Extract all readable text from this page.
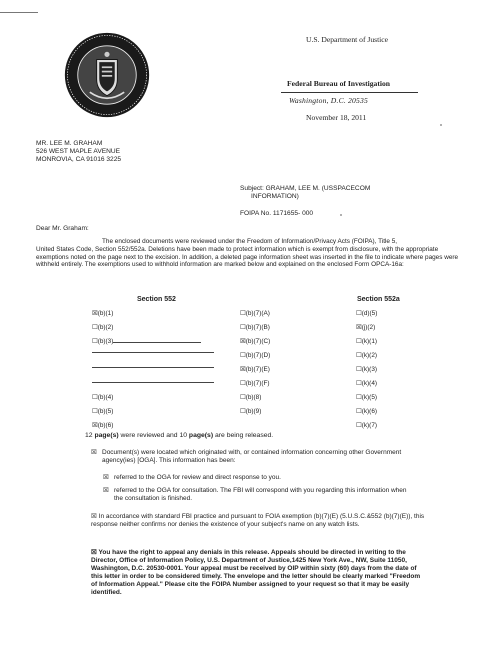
U.S. Department of Justice
Federal Bureau of Investigation
Washington, D.C. 20535
November 18, 2011
MR. LEE M. GRAHAM
526 WEST MAPLE AVENUE
MONROVIA, CA 91016 3225
Subject: GRAHAM, LEE M. (USSPACECOM
INFORMATION)
FOIPA No. 1171655- 000
Dear Mr. Graham:
The enclosed documents were reviewed under the Freedom of Information/Privacy Acts (FOIPA), Title 5,
United States Code, Section 552/552a. Deletions have been made to protect information which is exempt from disclosure, with the appropriate exemptions noted on the page next to the excision. In addition, a deleted page information sheet was inserted in the file to indicate where pages were withheld entirely. The exemptions used to withhold information are marked below and explained on the enclosed Form OPCA-16a:
Section 552	Section 552a
☒(b)(1)
☐(b)(2)
☐(b)(3)
☐(b)(4)
☐(b)(5)
☒(b)(6)
☐(b)(7)(A)
☐(b)(7)(B)
☒(b)(7)(C)
☐(b)(7)(D)
☒(b)(7)(E)
☐(b)(7)(F)
☐(b)(8)
☐(b)(9)
☐(d)(5)
☒(j)(2)
☐(k)(1)
☐(k)(2)
☐(k)(3)
☐(k)(4)
☐(k)(5)
☐(k)(6)
☐(k)(7)
12 page(s) were reviewed and 10 page(s) are being released.
☒ Document(s) were located which originated with, or contained information concerning other Government agency(ies) [OGA]. This information has been:
☒ referred to the OGA for review and direct response to you.
☒ referred to the OGA for consultation. The FBI will correspond with you regarding this information when the consultation is finished.
☒ In accordance with standard FBI practice and pursuant to FOIA exemption (b)(7)(E) (5.U.S.C.&552 (b)(7)(E)), this response neither confirms nor denies the existence of your subject's name on any watch lists.
☒ You have the right to appeal any denials in this release. Appeals should be directed in writing to the Director, Office of Information Policy, U.S. Department of Justice,1425 New York Ave., NW, Suite 11050, Washington, D.C. 20530-0001. Your appeal must be received by OIP within sixty (60) days from the date of this letter in order to be considered timely. The envelope and the letter should be clearly marked "Freedom of Information Appeal." Please cite the FOIPA Number assigned to your request so that it may be easily identified.
